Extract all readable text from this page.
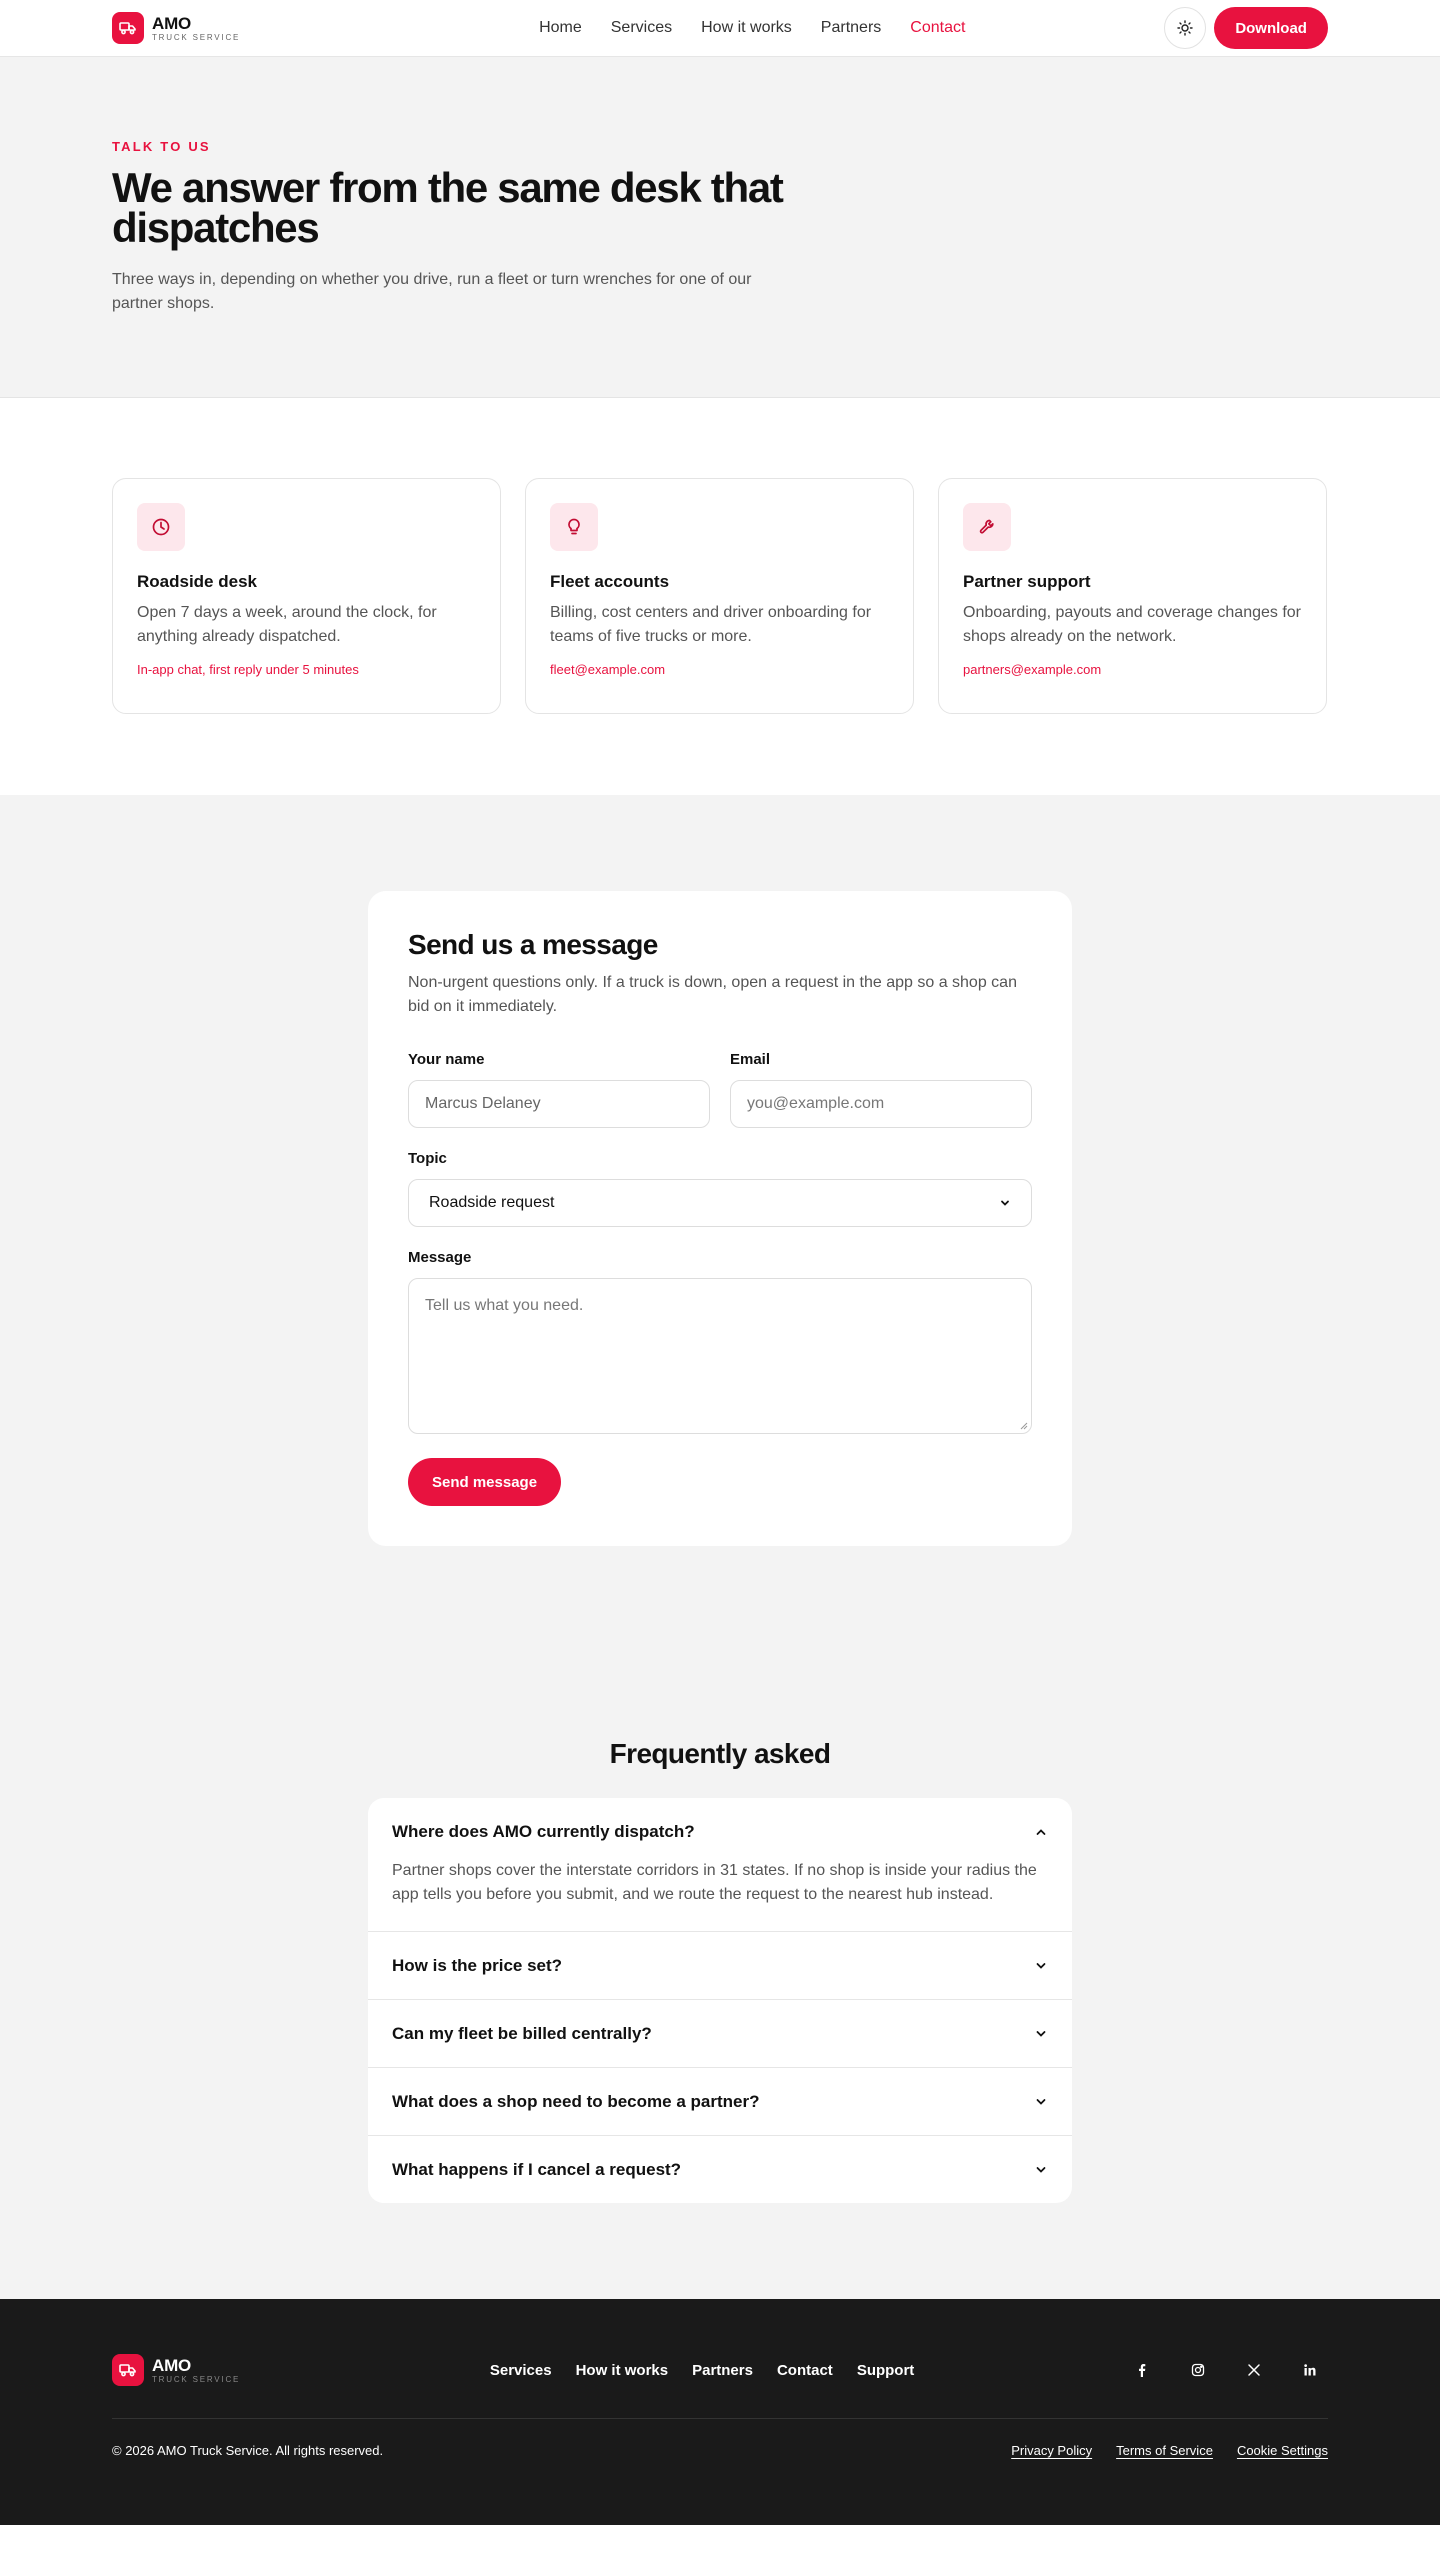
AMO
TRUCK SERVICE
Home Services How it works Partners Contact	Download
TALK TO US
We answer from the same desk that dispatches

Three ways in, depending on whether you drive, run a fleet or turn wrenches for one of our partner shops.

Roadside desk

Open 7 days a week, around the clock, for anything already dispatched.

In-app chat, first reply under 5 minutes
Fleet accounts

Billing, cost centers and driver onboarding for teams of five trucks or more.

fleet@example.com
Partner support

Onboarding, payouts and coverage changes for shops already on the network.

partners@example.com
Send us a message

Non-urgent questions only. If a truck is down, open a request in the app so a shop can bid on it immediately.

Your name
Marcus Delaney
Email
you@example.com
Topic
Roadside request
Message
Tell us what you need.
Send message
Frequently asked
Where does AMO currently dispatch?

Partner shops cover the interstate corridors in 31 states. If no shop is inside your radius the app tells you before you submit, and we route the request to the nearest hub instead.

How is the price set?
Can my fleet be billed centrally?
What does a shop need to become a partner?
What happens if I cancel a request?
AMO
TRUCK SERVICE
Services How it works Partners Contact Support
© 2026 AMO Truck Service. All rights reserved.	Privacy Policy Terms of Service Cookie Settings
